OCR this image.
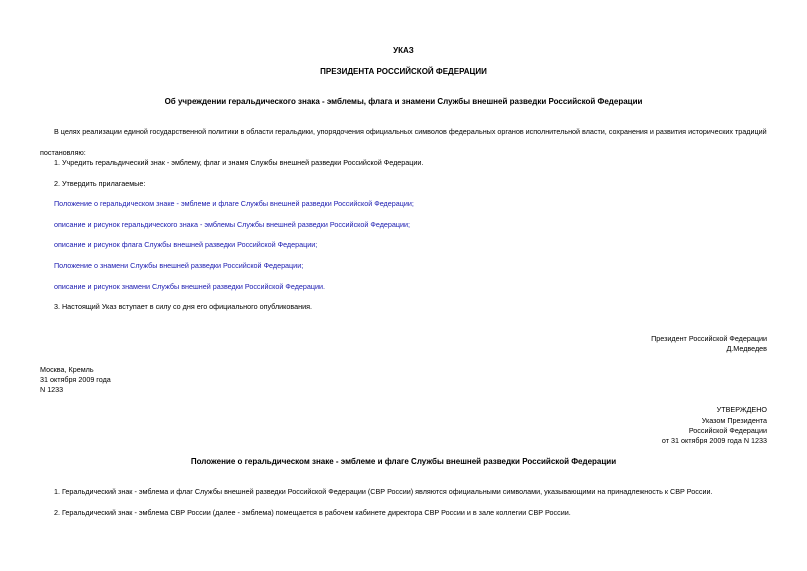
УКАЗ
ПРЕЗИДЕНТА РОССИЙСКОЙ ФЕДЕРАЦИИ
Об учреждении геральдического знака - эмблемы, флага и знамени Службы внешней разведки Российской Федерации
В целях реализации единой государственной политики в области геральдики, упорядочения официальных символов федеральных органов исполнительной власти, сохранения и развития исторических традиций
постановляю:
1. Учредить геральдический знак - эмблему, флаг и знамя Службы внешней разведки Российской Федерации.
2. Утвердить прилагаемые:
Положение о геральдическом знаке - эмблеме и флаге Службы внешней разведки Российской Федерации;
описание и рисунок геральдического знака - эмблемы Службы внешней разведки Российской Федерации;
описание и рисунок флага Службы внешней разведки Российской Федерации;
Положение о знамени Службы внешней разведки Российской Федерации;
описание и рисунок знамени Службы внешней разведки Российской Федерации.
3. Настоящий Указ вступает в силу со дня его официального опубликования.
Президент Российской Федерации
Д.Медведев
Москва, Кремль
31 октября 2009 года
N 1233
УТВЕРЖДЕНО
Указом Президента
Российской Федерации
от 31 октября 2009 года N 1233
Положение о геральдическом знаке - эмблеме и флаге Службы внешней разведки Российской Федерации
1. Геральдический знак - эмблема и флаг Службы внешней разведки Российской Федерации (СВР России) являются официальными символами, указывающими на принадлежность к СВР России.
2. Геральдический знак - эмблема СВР России (далее - эмблема) помещается в рабочем кабинете директора СВР России и в зале коллегии СВР России.
